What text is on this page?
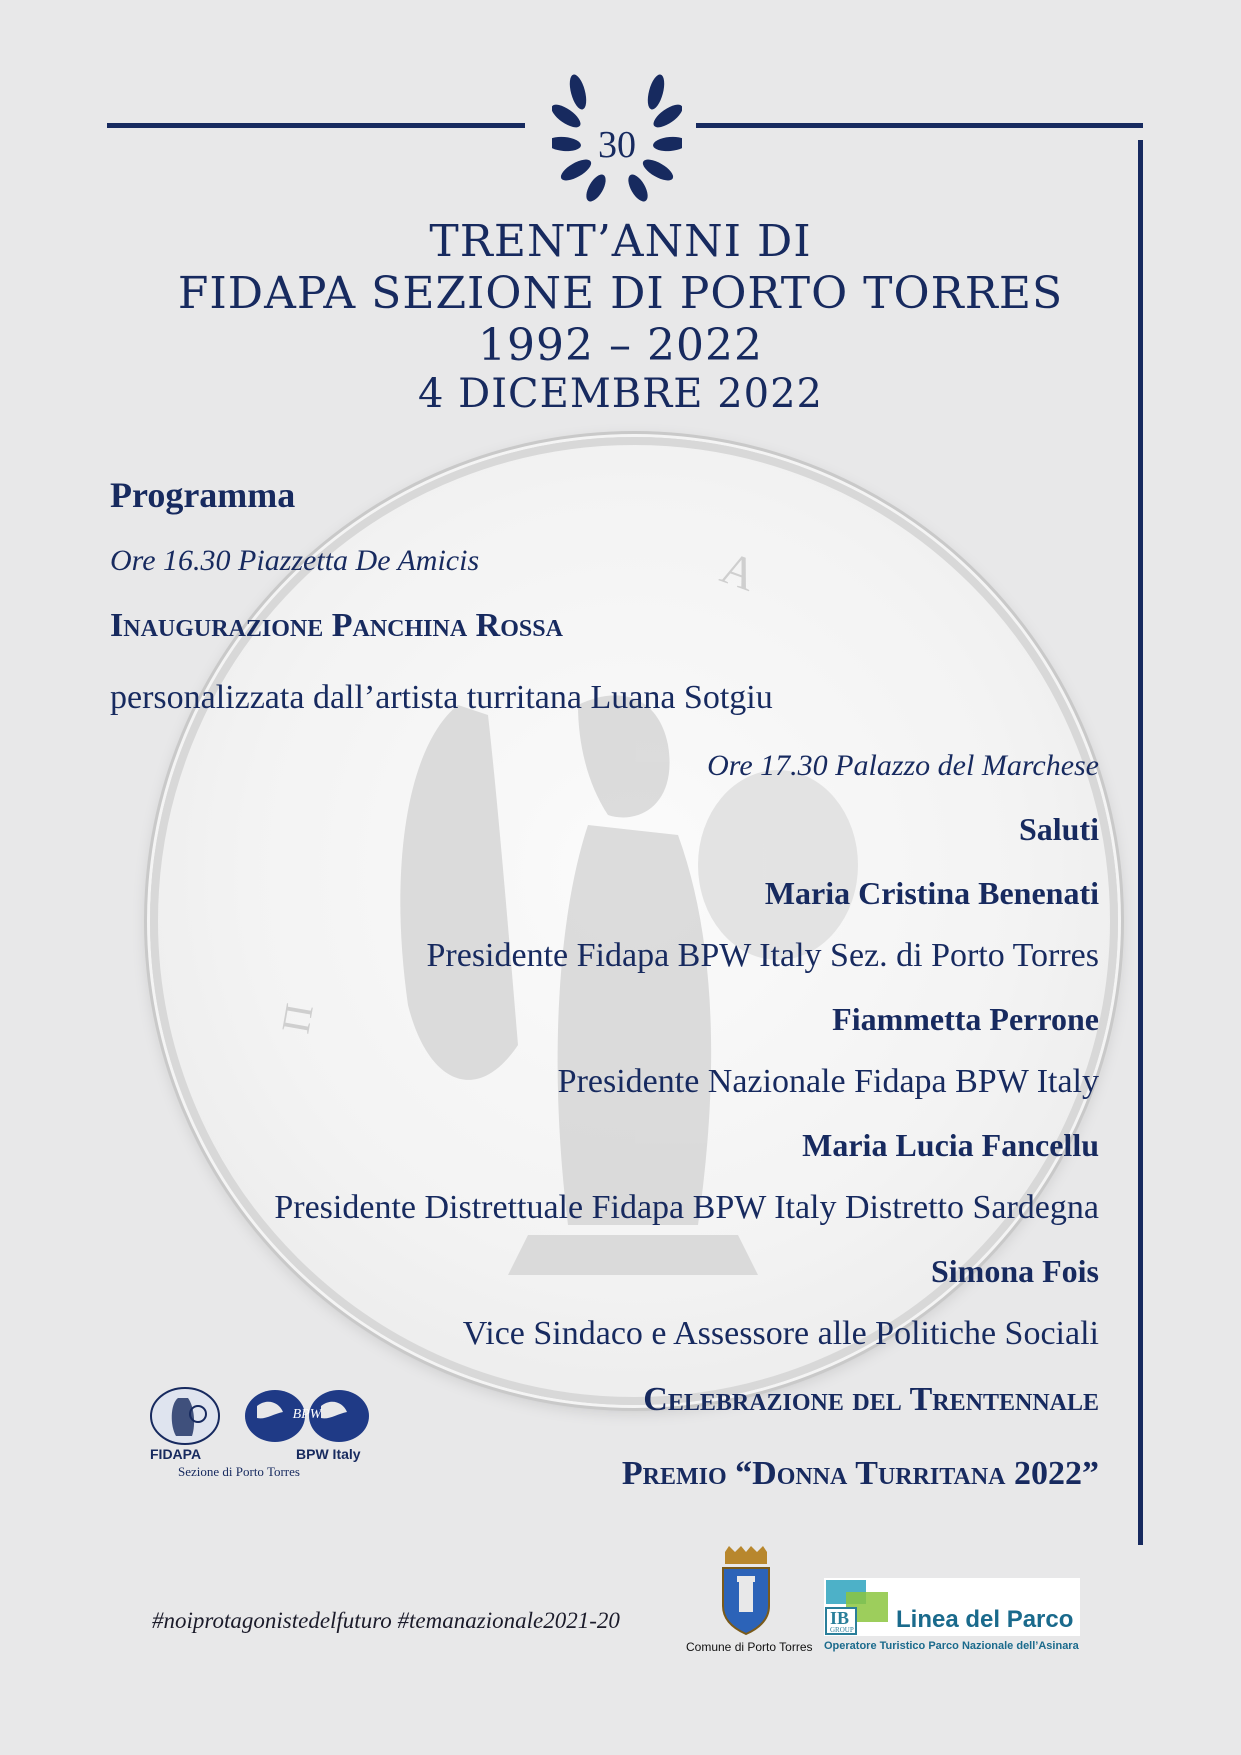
30
TRENT’ANNI DI
FIDAPA SEZIONE DI PORTO TORRES
1992 – 2022
4 DICEMBRE 2022
Α
Π
Programma
Ore 16.30 Piazzetta De Amicis
Inaugurazione Panchina Rossa
personalizzata dall’artista turritana Luana Sotgiu
Ore 17.30 Palazzo del Marchese
Saluti
Maria Cristina Benenati
Presidente Fidapa BPW Italy Sez. di Porto Torres
Fiammetta Perrone
Presidente Nazionale Fidapa BPW Italy
Maria Lucia Fancellu
Presidente Distrettuale Fidapa BPW Italy Distretto Sardegna
Simona Fois
Vice Sindaco e Assessore alle Politiche Sociali
Celebrazione del Trentennale
Premio “Donna Turritana 2022”
FIDAPA
BPW
BPW Italy
Sezione di Porto Torres
#noiprotagonistedelfuturo #temanazionale2021-20
Comune di Porto Torres
IB
GROUP Linea del Parco
Operatore Turistico Parco Nazionale dell’Asinara
